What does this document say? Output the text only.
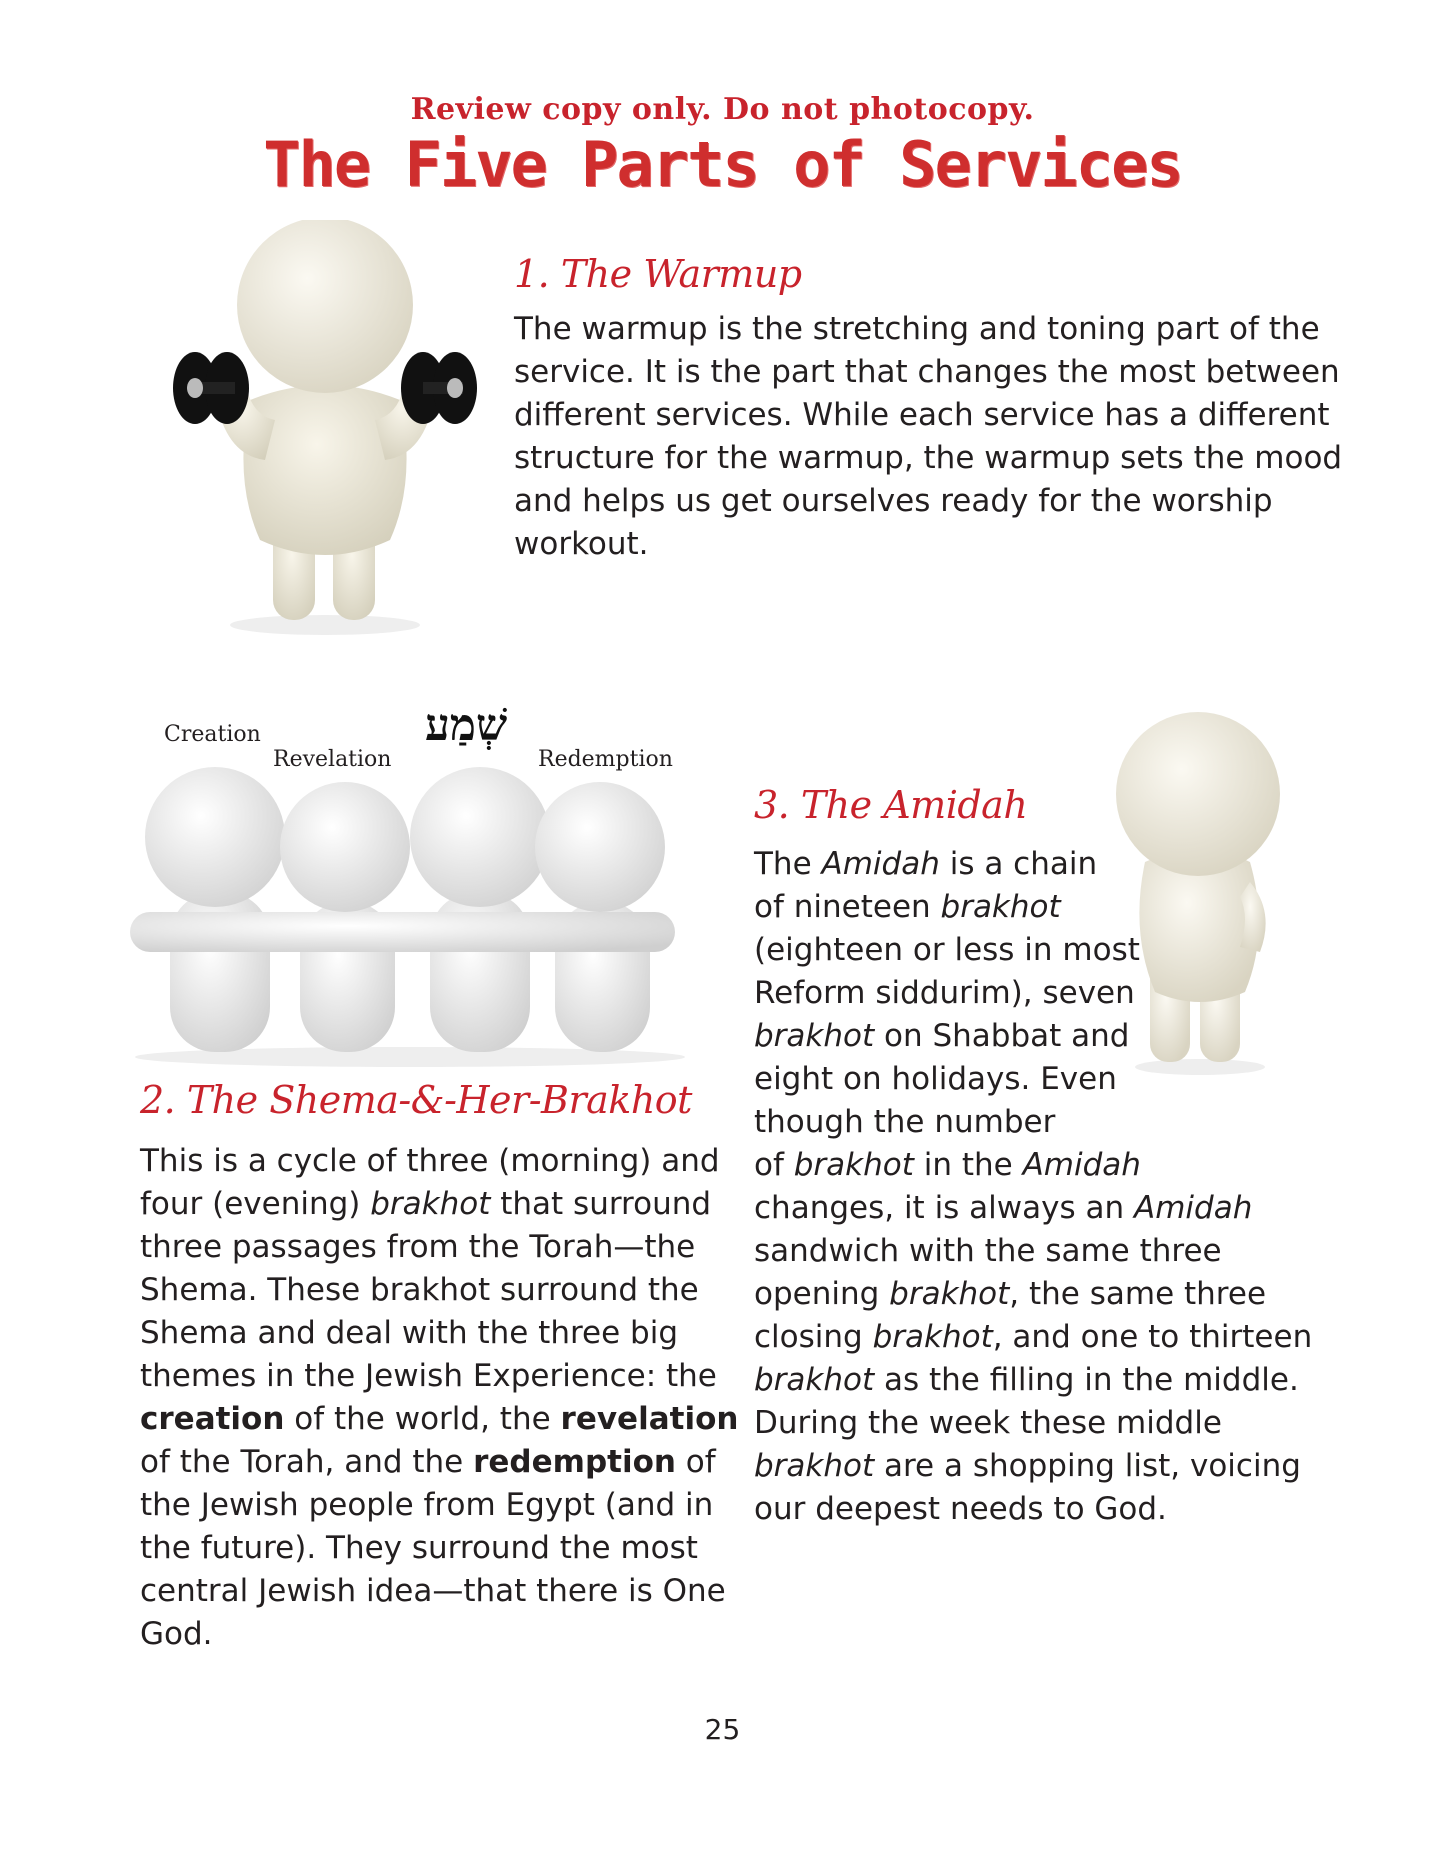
Review copy only. Do not photocopy.
The Five Parts of Services
1. The Warmup
The warmup is the stretching and toning part of the
service. It is the part that changes the most between
different services. While each service has a different
structure for the warmup, the warmup sets the mood
and helps us get ourselves ready for the worship
workout.
שְׁמַע
Creation
Revelation	Redemption
2. The Shema-&-Her-Brakhot
This is a cycle of three (morning) and
four (evening) brakhot that surround
three passages from the Torah—the
Shema. These brakhot surround the
Shema and deal with the three big
themes in the Jewish Experience: the
creation of the world, the revelation
of the Torah, and the redemption of
the Jewish people from Egypt (and in
the future). They surround the most
central Jewish idea—that there is One
God.
3. The Amidah
The Amidah is a chain
of nineteen brakhot
(eighteen or less in most
Reform siddurim), seven
brakhot on Shabbat and
eight on holidays. Even
though the number
of brakhot in the Amidah
changes, it is always an Amidah
sandwich with the same three
opening brakhot, the same three
closing brakhot, and one to thirteen
brakhot as the filling in the middle.
During the week these middle
brakhot are a shopping list, voicing
our deepest needs to God.
25
